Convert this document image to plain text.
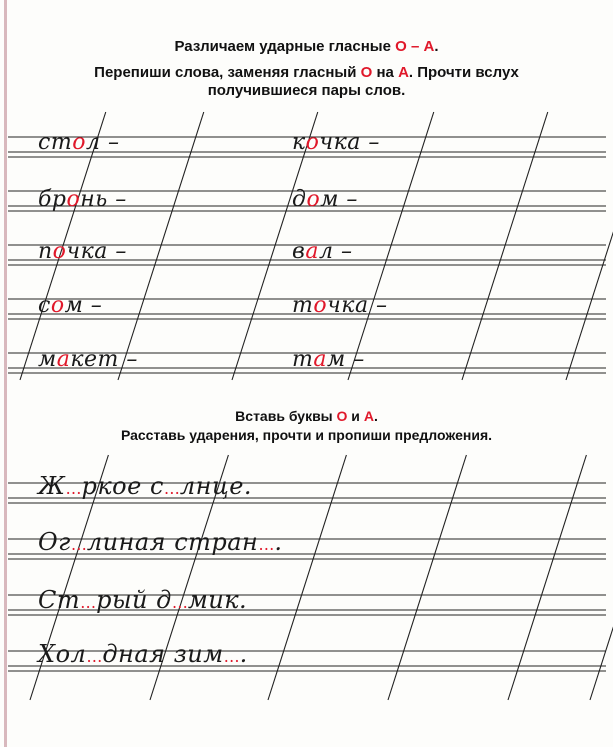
Различаем ударные гласные О – А.
Перепиши слова, заменяя гласный О на А. Прочти вслух
получившиеся пары слов.
стол –	кочка –
бронь –	дом –
почка –	вал –
сом –	точка –
макет –	там –
Вставь буквы О и А.
Расставь ударения, прочти и пропиши предложения.
Ж…ркое с…лнце.
Ог…линая стран….
Ст…рый д…мик.
Хол…дная зим….
